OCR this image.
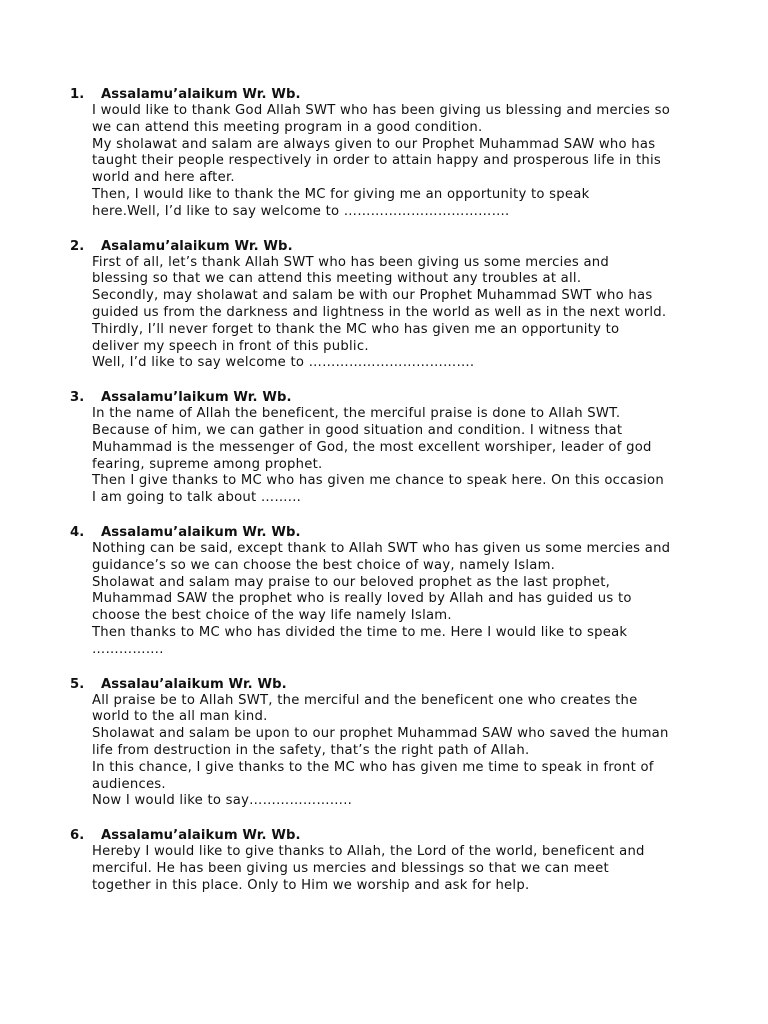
1. Assalamu’alaikum Wr. Wb.
I would like to thank God Allah SWT who has been giving us blessing and mercies so
we can attend this meeting program in a good condition.
My sholawat and salam are always given to our Prophet Muhammad SAW who has
taught their people respectively in order to attain happy and prosperous life in this
world and here after.
Then, I would like to thank the MC for giving me an opportunity to speak
here.Well, I’d like to say welcome to ……………………………….
2. Asalamu’alaikum Wr. Wb.
First of all, let’s thank Allah SWT who has been giving us some mercies and
blessing so that we can attend this meeting without any troubles at all.
Secondly, may sholawat and salam be with our Prophet Muhammad SWT who has
guided us from the darkness and lightness in the world as well as in the next world.
Thirdly, I’ll never forget to thank the MC who has given me an opportunity to
deliver my speech in front of this public.
Well, I’d like to say welcome to ……………………………….
3. Assalamu’laikum Wr. Wb.
In the name of Allah the beneficent, the merciful praise is done to Allah SWT.
Because of him, we can gather in good situation and condition. I witness that
Muhammad is the messenger of God, the most excellent worshiper, leader of god
fearing, supreme among prophet.
Then I give thanks to MC who has given me chance to speak here. On this occasion
I am going to talk about ……...
4. Assalamu’alaikum Wr. Wb.
Nothing can be said, except thank to Allah SWT who has given us some mercies and
guidance’s so we can choose the best choice of way, namely Islam.
Sholawat and salam may praise to our beloved prophet as the last prophet,
Muhammad SAW the prophet who is really loved by Allah and has guided us to
choose the best choice of the way life namely Islam.
Then thanks to MC who has divided the time to me. Here I would like to speak
…………….
5. Assalau’alaikum Wr. Wb.
All praise be to Allah SWT, the merciful and the beneficent one who creates the
world to the all man kind.
Sholawat and salam be upon to our prophet Muhammad SAW who saved the human
life from destruction in the safety, that’s the right path of Allah.
In this chance, I give thanks to the MC who has given me time to speak in front of
audiences.
Now I would like to say…………………..
6. Assalamu’alaikum Wr. Wb.
Hereby I would like to give thanks to Allah, the Lord of the world, beneficent and
merciful. He has been giving us mercies and blessings so that we can meet
together in this place. Only to Him we worship and ask for help.
